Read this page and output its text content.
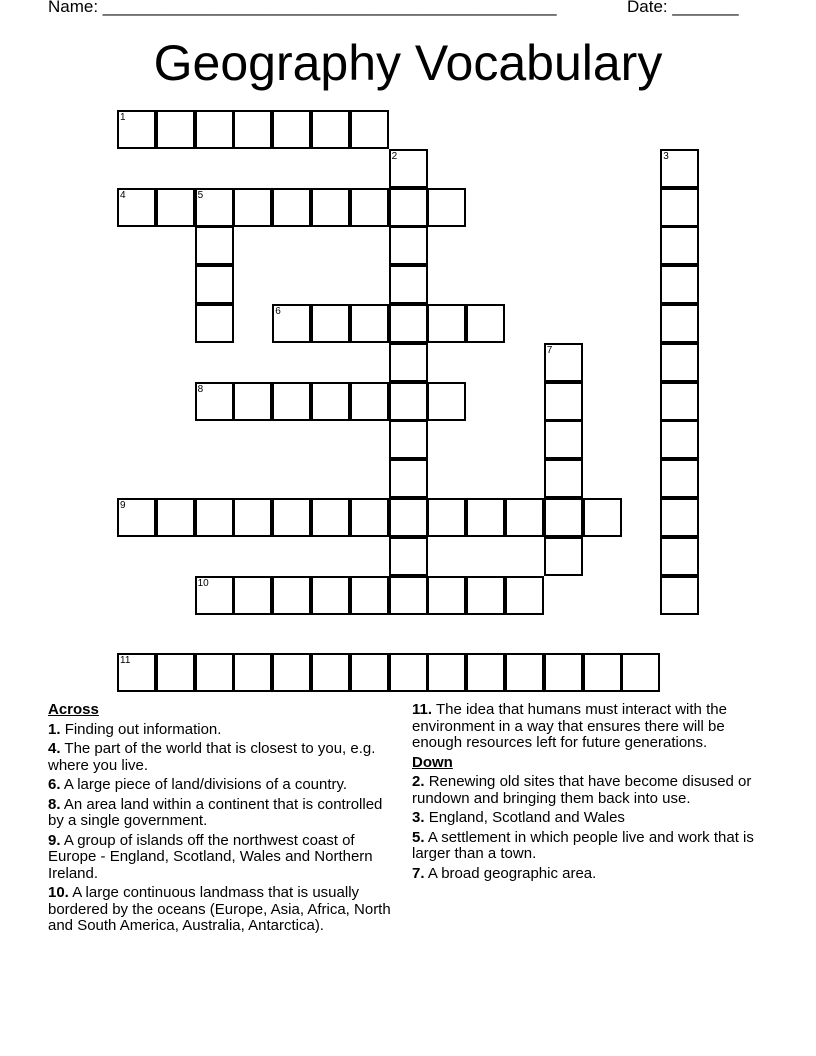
Name: ________________________________________________	Date: _______
Geography Vocabulary
1
2	3
4	5
6
7
8
9
10
11
Across
1. Finding out information.
4. The part of the world that is closest to you, e.g. where you live.
6. A large piece of land/divisions of a country.
8. An area land within a continent that is controlled by a single government.
9. A group of islands off the northwest coast of Europe - England, Scotland, Wales and Northern Ireland.
10. A large continuous landmass that is usually bordered by the oceans (Europe, Asia, Africa, North and South America, Australia, Antarctica).
11. The idea that humans must interact with the environment in a way that ensures there will be enough resources left for future generations.
Down
2. Renewing old sites that have become disused or rundown and bringing them back into use.
3. England, Scotland and Wales
5. A settlement in which people live and work that is larger than a town.
7. A broad geographic area.
